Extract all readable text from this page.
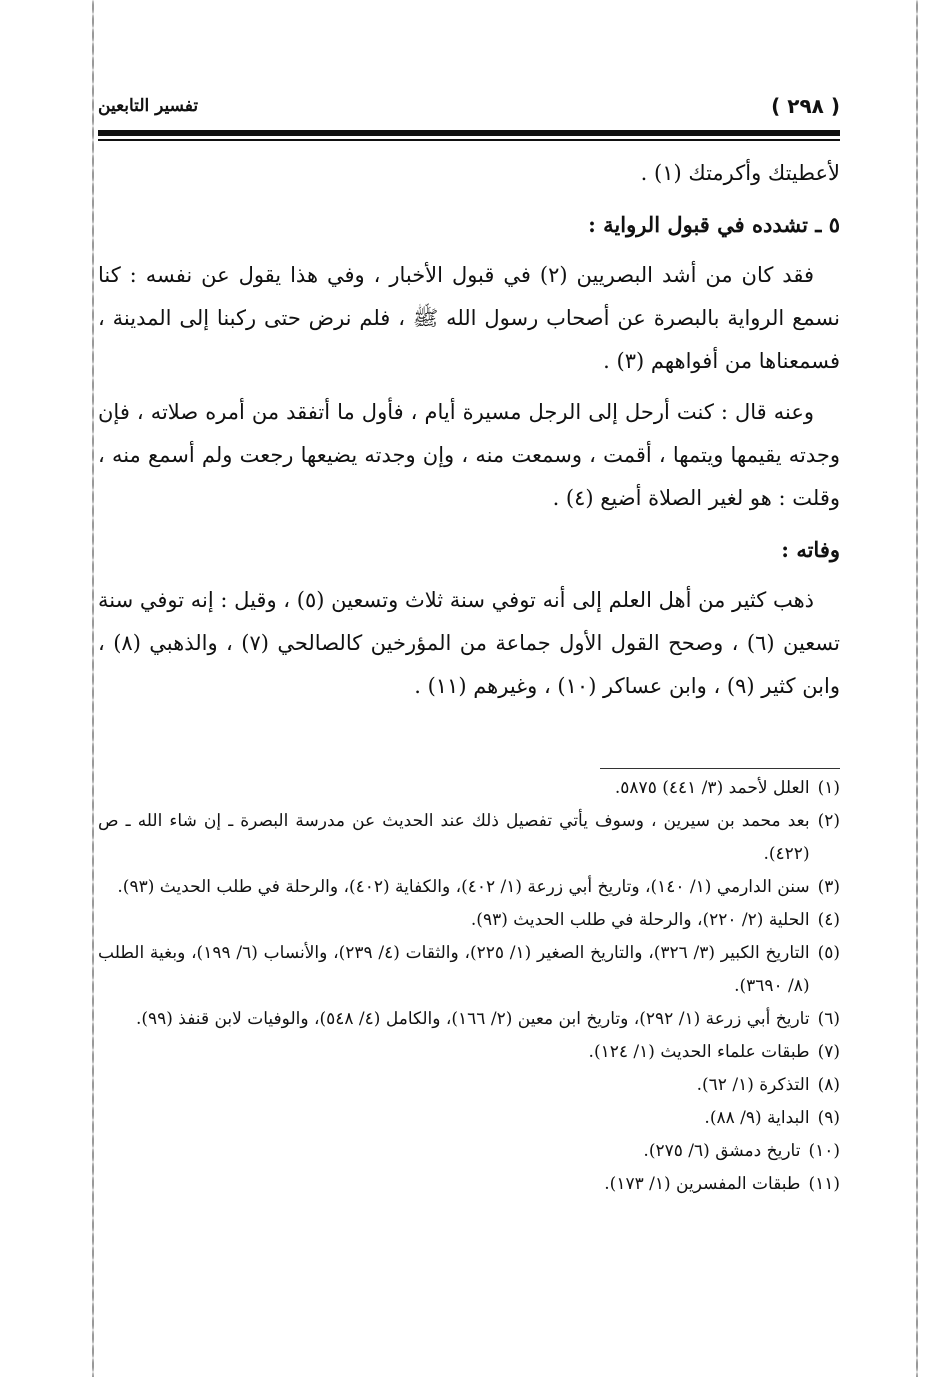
( ٢٩٨ )
تفسير التابعين

لأعطيتك وأكرمتك (١) .

٥ ـ تشدده في قبول الرواية :

فقد كان من أشد البصريين (٢) في قبول الأخبار ، وفي هذا يقول عن نفسه : كنا نسمع الرواية بالبصرة عن أصحاب رسول الله ﷺ ، فلم نرض حتى ركبنا إلى المدينة ، فسمعناها من أفواههم (٣) .

وعنه قال : كنت أرحل إلى الرجل مسيرة أيام ، فأول ما أتفقد من أمره صلاته ، فإن وجدته يقيمها ويتمها ، أقمت ، وسمعت منه ، وإن وجدته يضيعها رجعت ولم أسمع منه ، وقلت : هو لغير الصلاة أضيع (٤) .

وفاته :

ذهب كثير من أهل العلم إلى أنه توفي سنة ثلاث وتسعين (٥) ، وقيل : إنه توفي سنة تسعين (٦) ، وصحح القول الأول جماعة من المؤرخين كالصالحي (٧) ، والذهبي (٨) ، وابن كثير (٩) ، وابن عساكر (١٠) ، وغيرهم (١١) .

(١)
العلل لأحمد (٣/ ٤٤١) ٥٨٧٥.
(٢)
بعد محمد بن سيرين ، وسوف يأتي تفصيل ذلك عند الحديث عن مدرسة البصرة ـ إن شاء الله ـ ص (٤٢٢).
(٣)
سنن الدارمي (١/ ١٤٠)، وتاريخ أبي زرعة (١/ ٤٠٢)، والكفاية (٤٠٢)، والرحلة في طلب الحديث (٩٣).
(٤)
الحلية (٢/ ٢٢٠)، والرحلة في طلب الحديث (٩٣).
(٥)
التاريخ الكبير (٣/ ٣٢٦)، والتاريخ الصغير (١/ ٢٢٥)، والثقات (٤/ ٢٣٩)، والأنساب (٦/ ١٩٩)، وبغية الطلب (٨/ ٣٦٩٠).
(٦)
تاريخ أبي زرعة (١/ ٢٩٢)، وتاريخ ابن معين (٢/ ١٦٦)، والكامل (٤/ ٥٤٨)، والوفيات لابن قنفذ (٩٩).
(٧)
طبقات علماء الحديث (١/ ١٢٤).
(٨)
التذكرة (١/ ٦٢).
(٩)
البداية (٩/ ٨٨).
(١٠)
تاريخ دمشق (٦/ ٢٧٥).
(١١)
طبقات المفسرين (١/ ١٧٣).
